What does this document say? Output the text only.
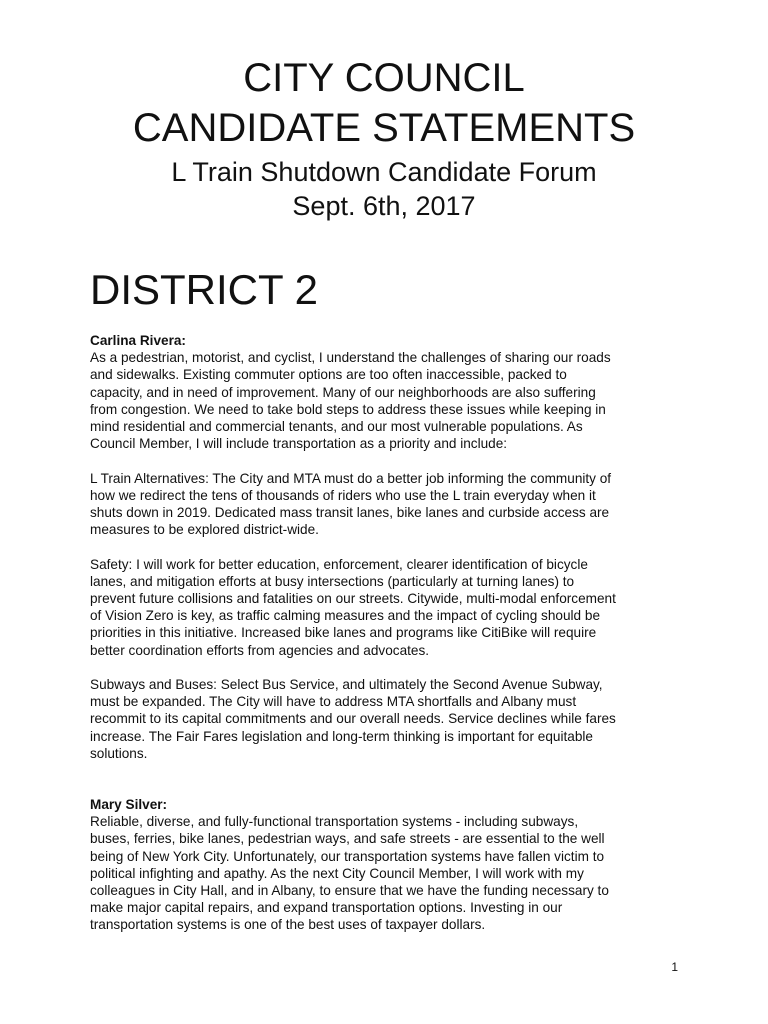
CITY COUNCIL
CANDIDATE STATEMENTS
L Train Shutdown Candidate Forum
Sept. 6th, 2017
DISTRICT 2

Carlina Rivera:

As a pedestrian, motorist, and cyclist, I understand the challenges of sharing our roads

and sidewalks. Existing commuter options are too often inaccessible, packed to

capacity, and in need of improvement. Many of our neighborhoods are also suffering

from congestion. We need to take bold steps to address these issues while keeping in

mind residential and commercial tenants, and our most vulnerable populations. As

Council Member, I will include transportation as a priority and include:

L Train Alternatives: The City and MTA must do a better job informing the community of

how we redirect the tens of thousands of riders who use the L train everyday when it

shuts down in 2019. Dedicated mass transit lanes, bike lanes and curbside access are

measures to be explored district-wide.

Safety: I will work for better education, enforcement, clearer identification of bicycle

lanes, and mitigation efforts at busy intersections (particularly at turning lanes) to

prevent future collisions and fatalities on our streets. Citywide, multi-modal enforcement

of Vision Zero is key, as traffic calming measures and the impact of cycling should be

priorities in this initiative. Increased bike lanes and programs like CitiBike will require

better coordination efforts from agencies and advocates.

Subways and Buses: Select Bus Service, and ultimately the Second Avenue Subway,

must be expanded. The City will have to address MTA shortfalls and Albany must

recommit to its capital commitments and our overall needs. Service declines while fares

increase. The Fair Fares legislation and long-term thinking is important for equitable

solutions.

Mary Silver:

Reliable, diverse, and fully-functional transportation systems - including subways,

buses, ferries, bike lanes, pedestrian ways, and safe streets - are essential to the well

being of New York City. Unfortunately, our transportation systems have fallen victim to

political infighting and apathy. As the next City Council Member, I will work with my

colleagues in City Hall, and in Albany, to ensure that we have the funding necessary to

make major capital repairs, and expand transportation options. Investing in our

transportation systems is one of the best uses of taxpayer dollars.

1
